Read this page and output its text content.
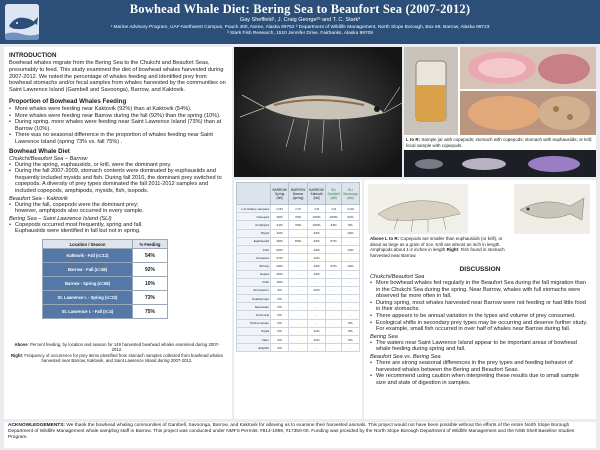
Bowhead Whale Diet: Bering Sea to Beaufort Sea (2007-2012)
Gay Sheffield¹, J. Craig George²ᵃ and T. C. Stark³
¹ Marine Advisory Program, UAF-Northwest Campus, Pouch 400, Nome, Alaska 99762 ² Department of Wildlife Management, North Slope Borough, Box 69, Barrow, Alaska 99723
³ Stark Fish Research, 1510 Jennifer Drive, Fairbanks, Alaska 99709
INTRODUCTION
Bowhead whales migrate from the Bering Sea to the Chukchi and Beaufort Seas, presumably to feed. This study examined the diet of bowhead whales harvested during 2007-2012. We noted the percentage of whales feeding and identified prey from bowhead stomachs and/or fecal samples from whales harvested by the communities on Saint Lawrence Island (Gambell and Savoonga), Barrow, and Kaktovik.
Proportion of Bowhead Whales Feeding
• More whales were feeding near Kaktovik (92%) than at Kaktovik (54%).
• More whales were feeding near Barrow during the fall (92%) than the spring (10%).
• During spring, more whales were feeding near Saint Lawrence Island (73%) than at Barrow (10%).
• There was no seasonal difference in the proportion of whales feeding near Saint Lawrence Island (spring 73% vs. fall 75%) .
Bowhead Whale Diet
Chukchi/Beaufort Sea – Barrow
• During the spring, euphausiids, or krill, were the dominant prey.
• During the fall 2007-2009, stomach contents were dominated by euphausiids and frequently included mysids and fish. During fall 2010, the dominant prey switched to copepods. A diversity of prey types dominated the fall 2011-2012 samples and included copepods, amphipods, mysids, fish, isopods.
Beaufort Sea - Kaktovik
• During the fall, copepods were the dominant prey; however, amphipods also occurred in every sample.
Bering Sea – Saint Lawrence Island (SLI)
• Copepods occurred most frequently, spring and fall. Euphausiids were identified in fall but not in spring.
Location / Season	% Feeding
Kaktovik - Fall (n=12)	54%
Barrow - Fall (n=48)	92%
Barrow - Spring (n=58)	10%
St. Lawrence I. - Spring (n=22)	73%
St. Lawrence I. - Fall (n=4)	75%
Above: Percent feeding, by location and season for 149 harvested bowhead whales examined during 2007-2012.
Right: Frequency of occurrence for prey items identified from stomach samples collected from bowhead whales harvested near Barrow, Kaktovik, and Saint Lawrence Island during 2007-2012.
L to R: Sample jar with copepods; stomach with copepods; stomach with euphausiids; or krill; fecal sample with copepods.
	BARROW Spring (fall)	BARROW Barrow (spring)	BARROW Kaktovik (fall)	SLI Gambell (fall)	SLI Savoonga (fall)
n of whales sampled	n=51	n=6	n=9	n=4	n=16
Copepod	46%	33%	100%	100%	91%
Amphipod	31%	33%	100%	33%	6%
Mysid	42%	-	44%	-	19%
Euphausiid	46%	83%	44%	67%	-
Fish	50%	-	44%	-	13%
Cumacea	27%	-	11%	-	-
Shrimp	29%	-	44%	67%	19%
Isopod	25%	-	44%	-	-
Crab	15%	-	-	-	-
Arrowworm	4%	-	22%	-	-
Snail/Limpet	2%	-	-	-	-
Nematode	2%	-	-	-	-
Octocoral	2%	-	-	-	-
Shrimp larvae	2%	-	-	-	6%
Squid	2%	-	11%	-	6%
Clam	2%	-	11%	-	6%
Jellyfish	2%	-	-	-	-
Above L to R: Copepods are smaller than euphausiids (or krill), or about as large as a grain of rice. Krill are almost an inch in length. Amphipods about 1-2 inches in length Right: Fish found in stomach harvested near Barrow.
DISCUSSION
Chukchi/Beaufort Sea
• More bowhead whales fed regularly in the Beaufort Sea during the fall migration than in the Chukchi Sea during the spring. Near Barrow, whales with full stomachs were observed far more often in fall.
• During spring, most whales harvested near Barrow were not feeding or had little food in their stomachs.
• There appears to be annual variation in the types and volume of prey consumed.
• Ecological shifts in secondary prey types may be occurring and deserve further study. For example, small fish occurred in over half of whales near Barrow during fall.
Bering Sea
• The waters near Saint Lawrence Island appear to be important areas of bowhead whale feeding during spring and fall.
Beaufort Sea vs. Bering Sea
• There are strong seasonal differences in the prey types and feeding behavior of harvested whales between the Bering and Beaufort Seas.
• We recommend using caution when interpreting these results due to small sample size and state of digestion in samples.
ACKNOWLEDGEMENTS: We thank the bowhead whaling communities of Gambell, Savoonga, Barrow, and Kaktovik for allowing us to examine their harvested animals. This project would not have been possible without the efforts of the entire North Slope Borough Department of Wildlife Management whale sampling staff in Barrow. This project was conducted under NMFS Permits: #814-1899, #17350-00. Funding was provided by the North Slope Borough Department of Wildlife Management and the NSB Shell Baseline Studies Program.
